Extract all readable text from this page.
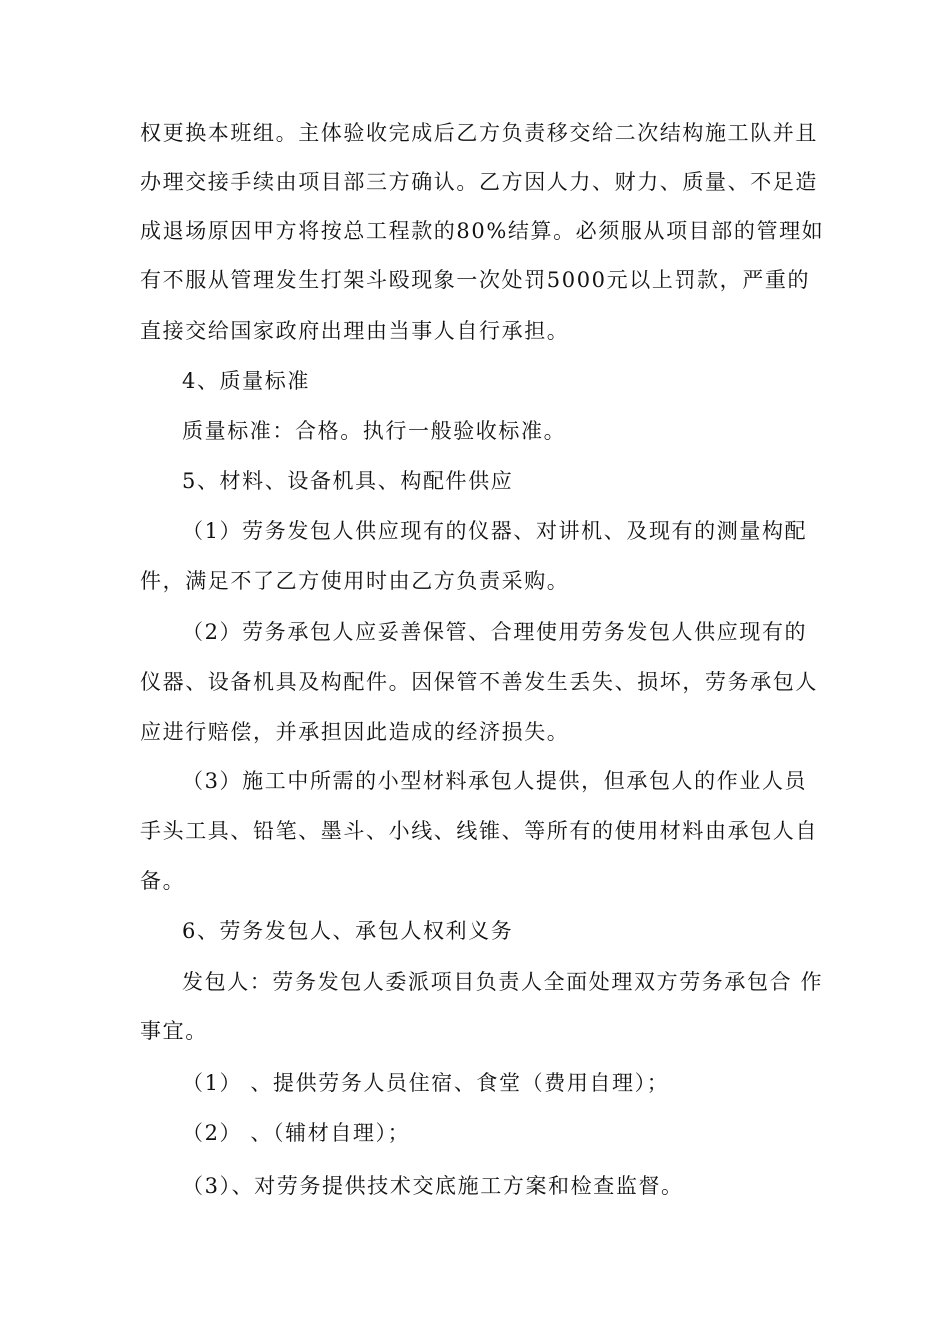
权更换本班组。主体验收完成后乙方负责移交给二次结构施工队并且
办理交接手续由项目部三方确认。乙方因人力、财力、质量、不足造
成退场原因甲方将按总工程款的80%结算。必须服从项目部的管理如
有不服从管理发生打架斗殴现象一次处罚5000元以上罚款，严重的
直接交给国家政府出理由当事人自行承担。
4、质量标准
质量标准：合格。执行一般验收标准。
5、材料、设备机具、构配件供应
（1）劳务发包人供应现有的仪器、对讲机、及现有的测量构配
件，满足不了乙方使用时由乙方负责采购。
（2）劳务承包人应妥善保管、合理使用劳务发包人供应现有的
仪器、设备机具及构配件。因保管不善发生丢失、损坏，劳务承包人
应进行赔偿，并承担因此造成的经济损失。
（3）施工中所需的小型材料承包人提供，但承包人的作业人员
手头工具、铅笔、墨斗、小线、线锥、等所有的使用材料由承包人自
备。
6、劳务发包人、承包人权利义务
发包人：劳务发包人委派项目负责人全面处理双方劳务承包合 作
事宜。
（1） 、提供劳务人员住宿、食堂（费用自理）；
（2） 、（辅材自理）；
（3）、对劳务提供技术交底施工方案和检查监督。
